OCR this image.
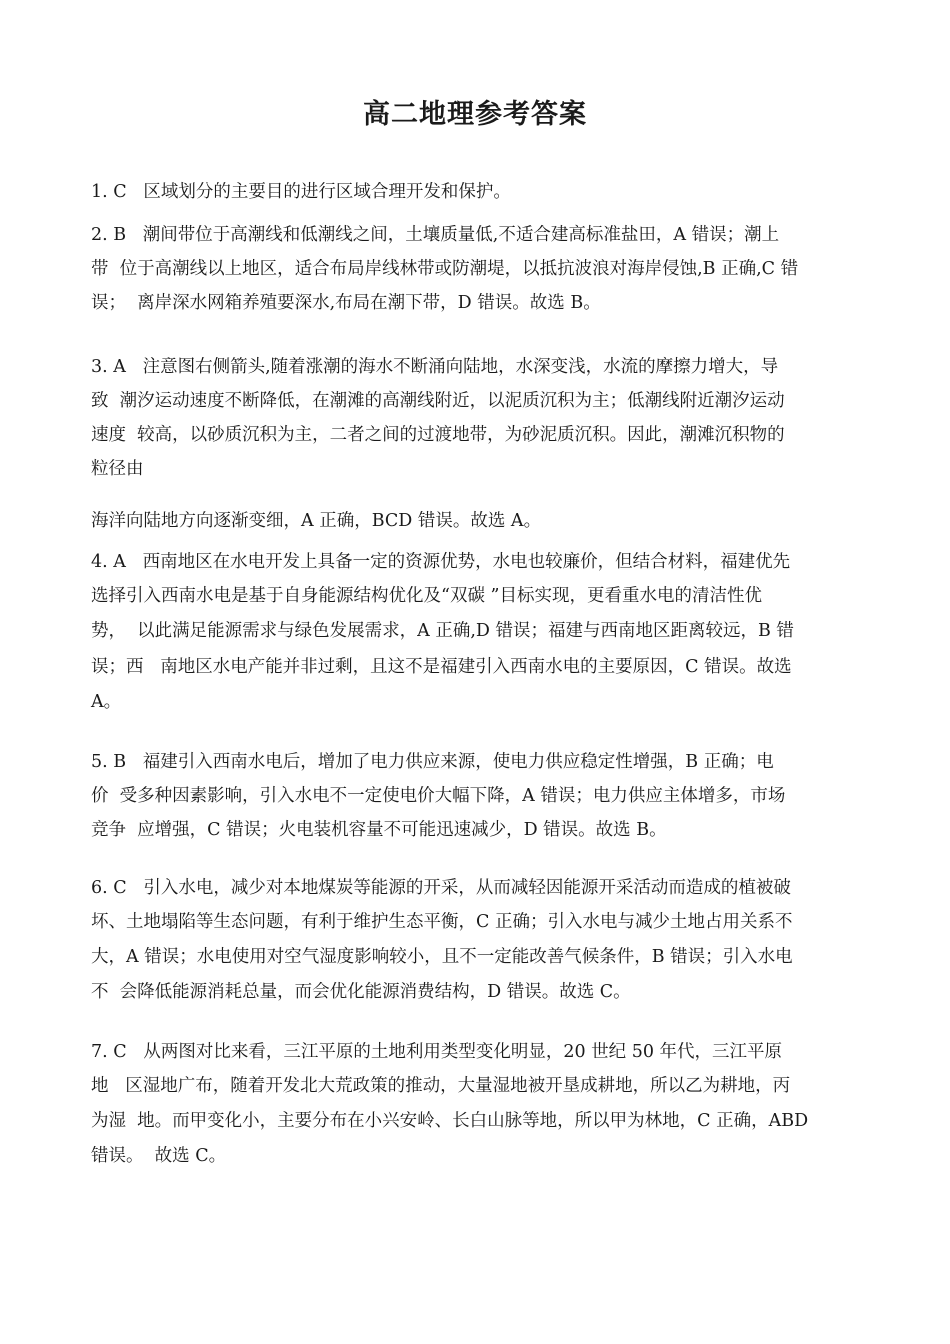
高二地理参考答案

1. C   区域划分的主要目的进行区域合理开发和保护。

2. B   潮间带位于高潮线和低潮线之间，土壤质量低,不适合建高标准盐田，A 错误；潮上

带  位于高潮线以上地区，适合布局岸线林带或防潮堤，以抵抗波浪对海岸侵蚀,B 正确,C 错

误；  离岸深水网箱养殖要深水,布局在潮下带，D 错误。故选 B。

3. A   注意图右侧箭头,随着涨潮的海水不断涌向陆地，水深变浅，水流的摩擦力增大，导

致  潮汐运动速度不断降低，在潮滩的高潮线附近，以泥质沉积为主；低潮线附近潮汐运动

速度  较高，以砂质沉积为主，二者之间的过渡地带，为砂泥质沉积。因此，潮滩沉积物的

粒径由

海洋向陆地方向逐渐变细，A 正确，BCD 错误。故选 A。

4. A   西南地区在水电开发上具备一定的资源优势，水电也较廉价，但结合材料，福建优先

选择引入西南水电是基于自身能源结构优化及“双碳 ”目标实现，更看重水电的清洁性优

势，  以此满足能源需求与绿色发展需求，A 正确,D 错误；福建与西南地区距离较远，B 错

误；西   南地区水电产能并非过剩，且这不是福建引入西南水电的主要原因，C 错误。故选

A。

5. B   福建引入西南水电后，增加了电力供应来源，使电力供应稳定性增强，B 正确；电

价  受多种因素影响，引入水电不一定使电价大幅下降，A 错误；电力供应主体增多，市场

竞争  应增强，C 错误；火电装机容量不可能迅速减少，D 错误。故选 B。

6. C   引入水电，减少对本地煤炭等能源的开采，从而减轻因能源开采活动而造成的植被破

坏、土地塌陷等生态问题，有利于维护生态平衡，C 正确；引入水电与减少土地占用关系不

大，A 错误；水电使用对空气湿度影响较小，且不一定能改善气候条件，B 错误；引入水电

不  会降低能源消耗总量，而会优化能源消费结构，D 错误。故选 C。

7. C   从两图对比来看，三江平原的土地利用类型变化明显，20 世纪 50 年代，三江平原

地   区湿地广布，随着开发北大荒政策的推动，大量湿地被开垦成耕地，所以乙为耕地，丙

为湿  地。而甲变化小，主要分布在小兴安岭、长白山脉等地，所以甲为林地，C 正确，ABD

错误。  故选 C。
